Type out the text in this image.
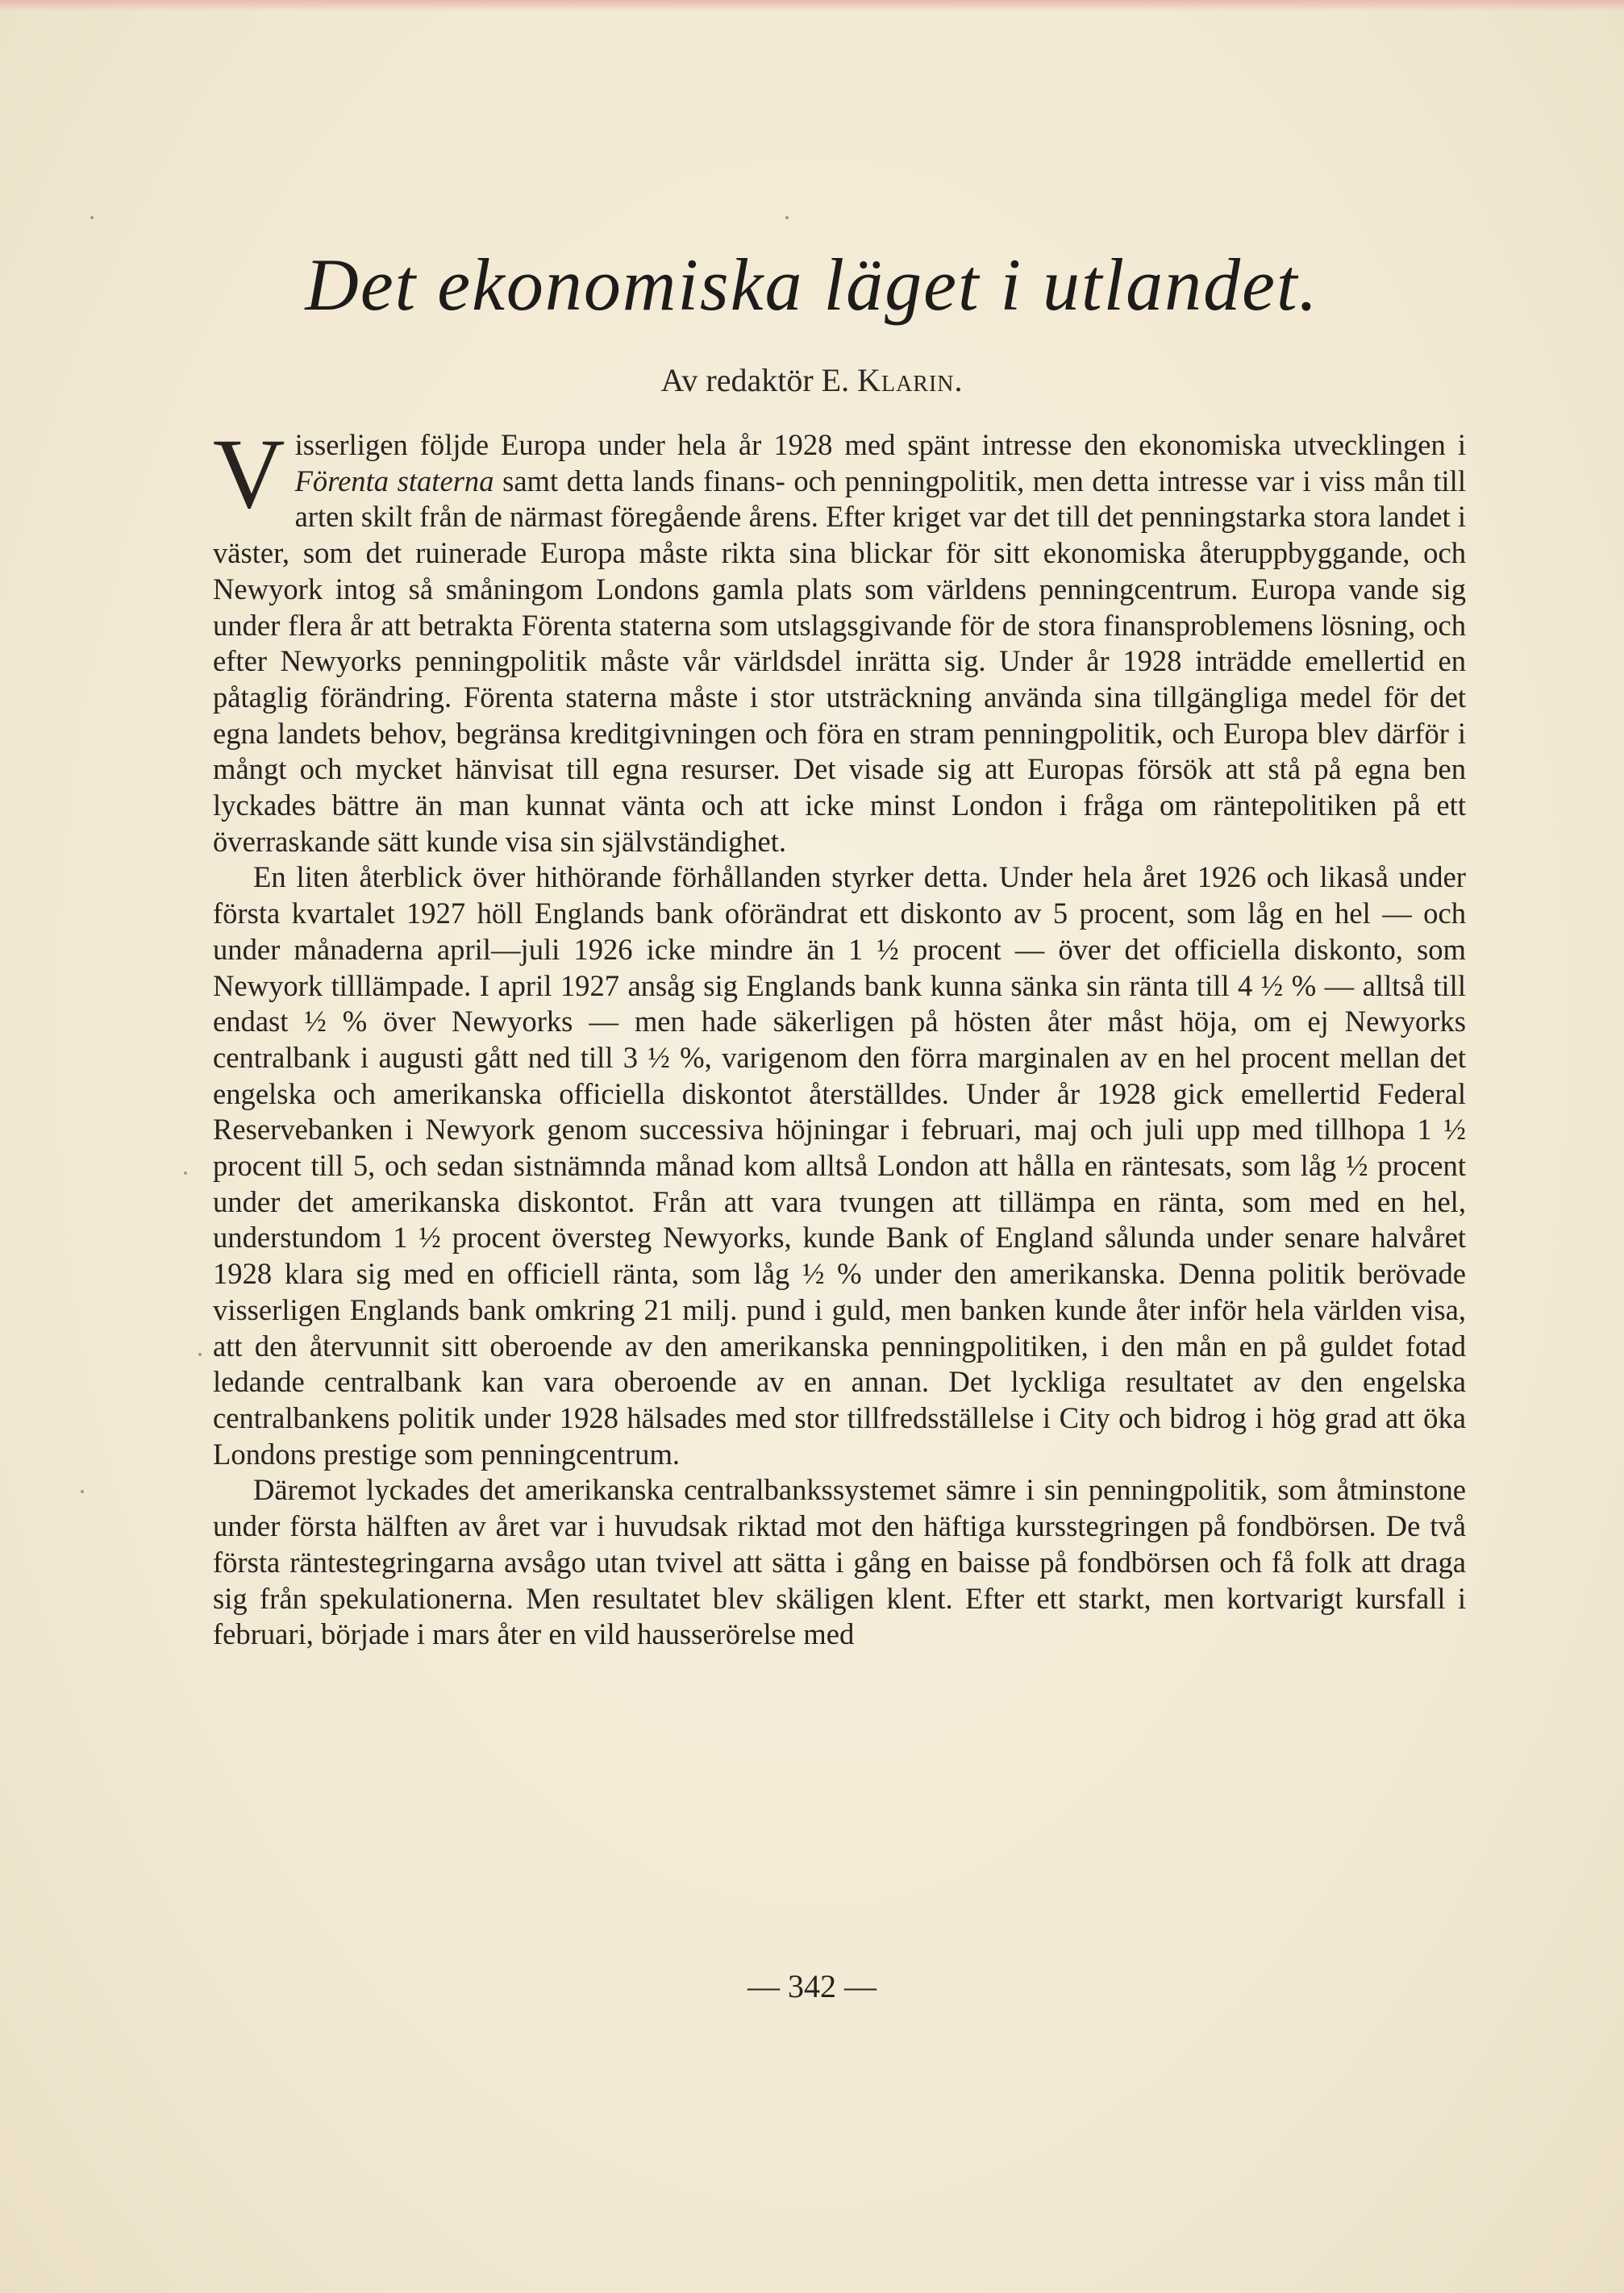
Det ekonomiska läget i utlandet.
Av redaktör E. Klarin.

Visserligen följde Europa under hela år 1928 med spänt intresse den ekonomiska utvecklingen i Förenta staterna samt detta lands finans- och penningpolitik, men detta intresse var i viss mån till arten skilt från de närmast föregående årens. Efter kriget var det till det penningstarka stora landet i väster, som det ruinerade Europa måste rikta sina blickar för sitt ekonomiska återuppbyggande, och Newyork intog så småningom Londons gamla plats som världens penningcentrum. Europa vande sig under flera år att betrakta Förenta staterna som utslagsgivande för de stora finansproblemens lösning, och efter Newyorks penningpolitik måste vår världsdel inrätta sig. Under år 1928 inträdde emellertid en påtaglig förändring. Förenta staterna måste i stor utsträckning använda sina tillgängliga medel för det egna landets behov, begränsa kreditgivningen och föra en stram penningpolitik, och Europa blev därför i mångt och mycket hänvisat till egna resurser. Det visade sig att Europas försök att stå på egna ben lyckades bättre än man kunnat vänta och att icke minst London i fråga om räntepolitiken på ett överraskande sätt kunde visa sin självständighet.

En liten återblick över hithörande förhållanden styrker detta. Under hela året 1926 och likaså under första kvartalet 1927 höll Englands bank oförändrat ett diskonto av 5 procent, som låg en hel — och under månaderna april—juli 1926 icke mindre än 1 ½ procent — över det officiella diskonto, som Newyork tilllämpade. I april 1927 ansåg sig Englands bank kunna sänka sin ränta till 4 ½ % — alltså till endast ½ % över Newyorks — men hade säkerligen på hösten åter måst höja, om ej Newyorks centralbank i augusti gått ned till 3 ½ %, varigenom den förra marginalen av en hel procent mellan det engelska och amerikanska officiella diskontot återställdes. Under år 1928 gick emellertid Federal Reservebanken i Newyork genom successiva höjningar i februari, maj och juli upp med tillhopa 1 ½ procent till 5, och sedan sistnämnda månad kom alltså London att hålla en räntesats, som låg ½ procent under det amerikanska diskontot. Från att vara tvungen att tillämpa en ränta, som med en hel, understundom 1 ½ procent översteg Newyorks, kunde Bank of England sålunda under senare halvåret 1928 klara sig med en officiell ränta, som låg ½ % under den amerikanska. Denna politik berövade visserligen Englands bank omkring 21 milj. pund i guld, men banken kunde åter inför hela världen visa, att den återvunnit sitt oberoende av den amerikanska penningpolitiken, i den mån en på guldet fotad ledande centralbank kan vara oberoende av en annan. Det lyckliga resultatet av den engelska centralbankens politik under 1928 hälsades med stor tillfredsställelse i City och bidrog i hög grad att öka Londons prestige som penningcentrum.

Däremot lyckades det amerikanska centralbankssystemet sämre i sin penningpolitik, som åtminstone under första hälften av året var i huvudsak riktad mot den häftiga kursstegringen på fondbörsen. De två första räntestegringarna avsågo utan tvivel att sätta i gång en baisse på fondbörsen och få folk att draga sig från spekulationerna. Men resultatet blev skäligen klent. Efter ett starkt, men kortvarigt kursfall i februari, började i mars åter en vild hausserörelse med

— 342 —
